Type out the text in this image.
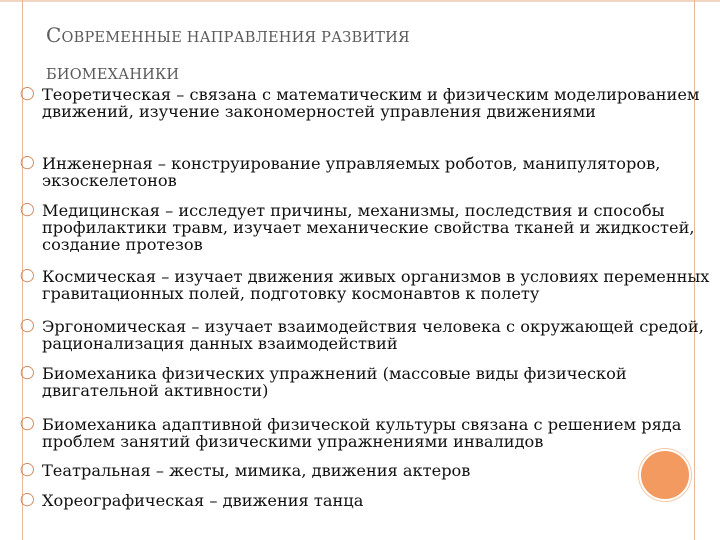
СОВРЕМЕННЫЕ НАПРАВЛЕНИЯ РАЗВИТИЯ
БИОМЕХАНИКИ
◯ Теоретическая – связана с математическим и физическим моделированием движений, изучение закономерностей управления движениями
◯ Инженерная – конструирование управляемых роботов, манипуляторов, экзоскелетонов
◯ Медицинская – исследует причины, механизмы, последствия и способы профилактики травм, изучает механические свойства тканей и жидкостей, создание протезов
◯ Космическая – изучает движения живых организмов в условиях переменных гравитационных полей, подготовку космонавтов к полету
◯ Эргономическая – изучает взаимодействия человека с окружающей средой, рационализация данных взаимодействий
◯ Биомеханика физических упражнений (массовые виды физической двигательной активности)
◯ Биомеханика адаптивной физической культуры связана с решением ряда проблем занятий физическими упражнениями инвалидов
◯ Театральная – жесты, мимика, движения актеров
◯ Хореографическая – движения танца
